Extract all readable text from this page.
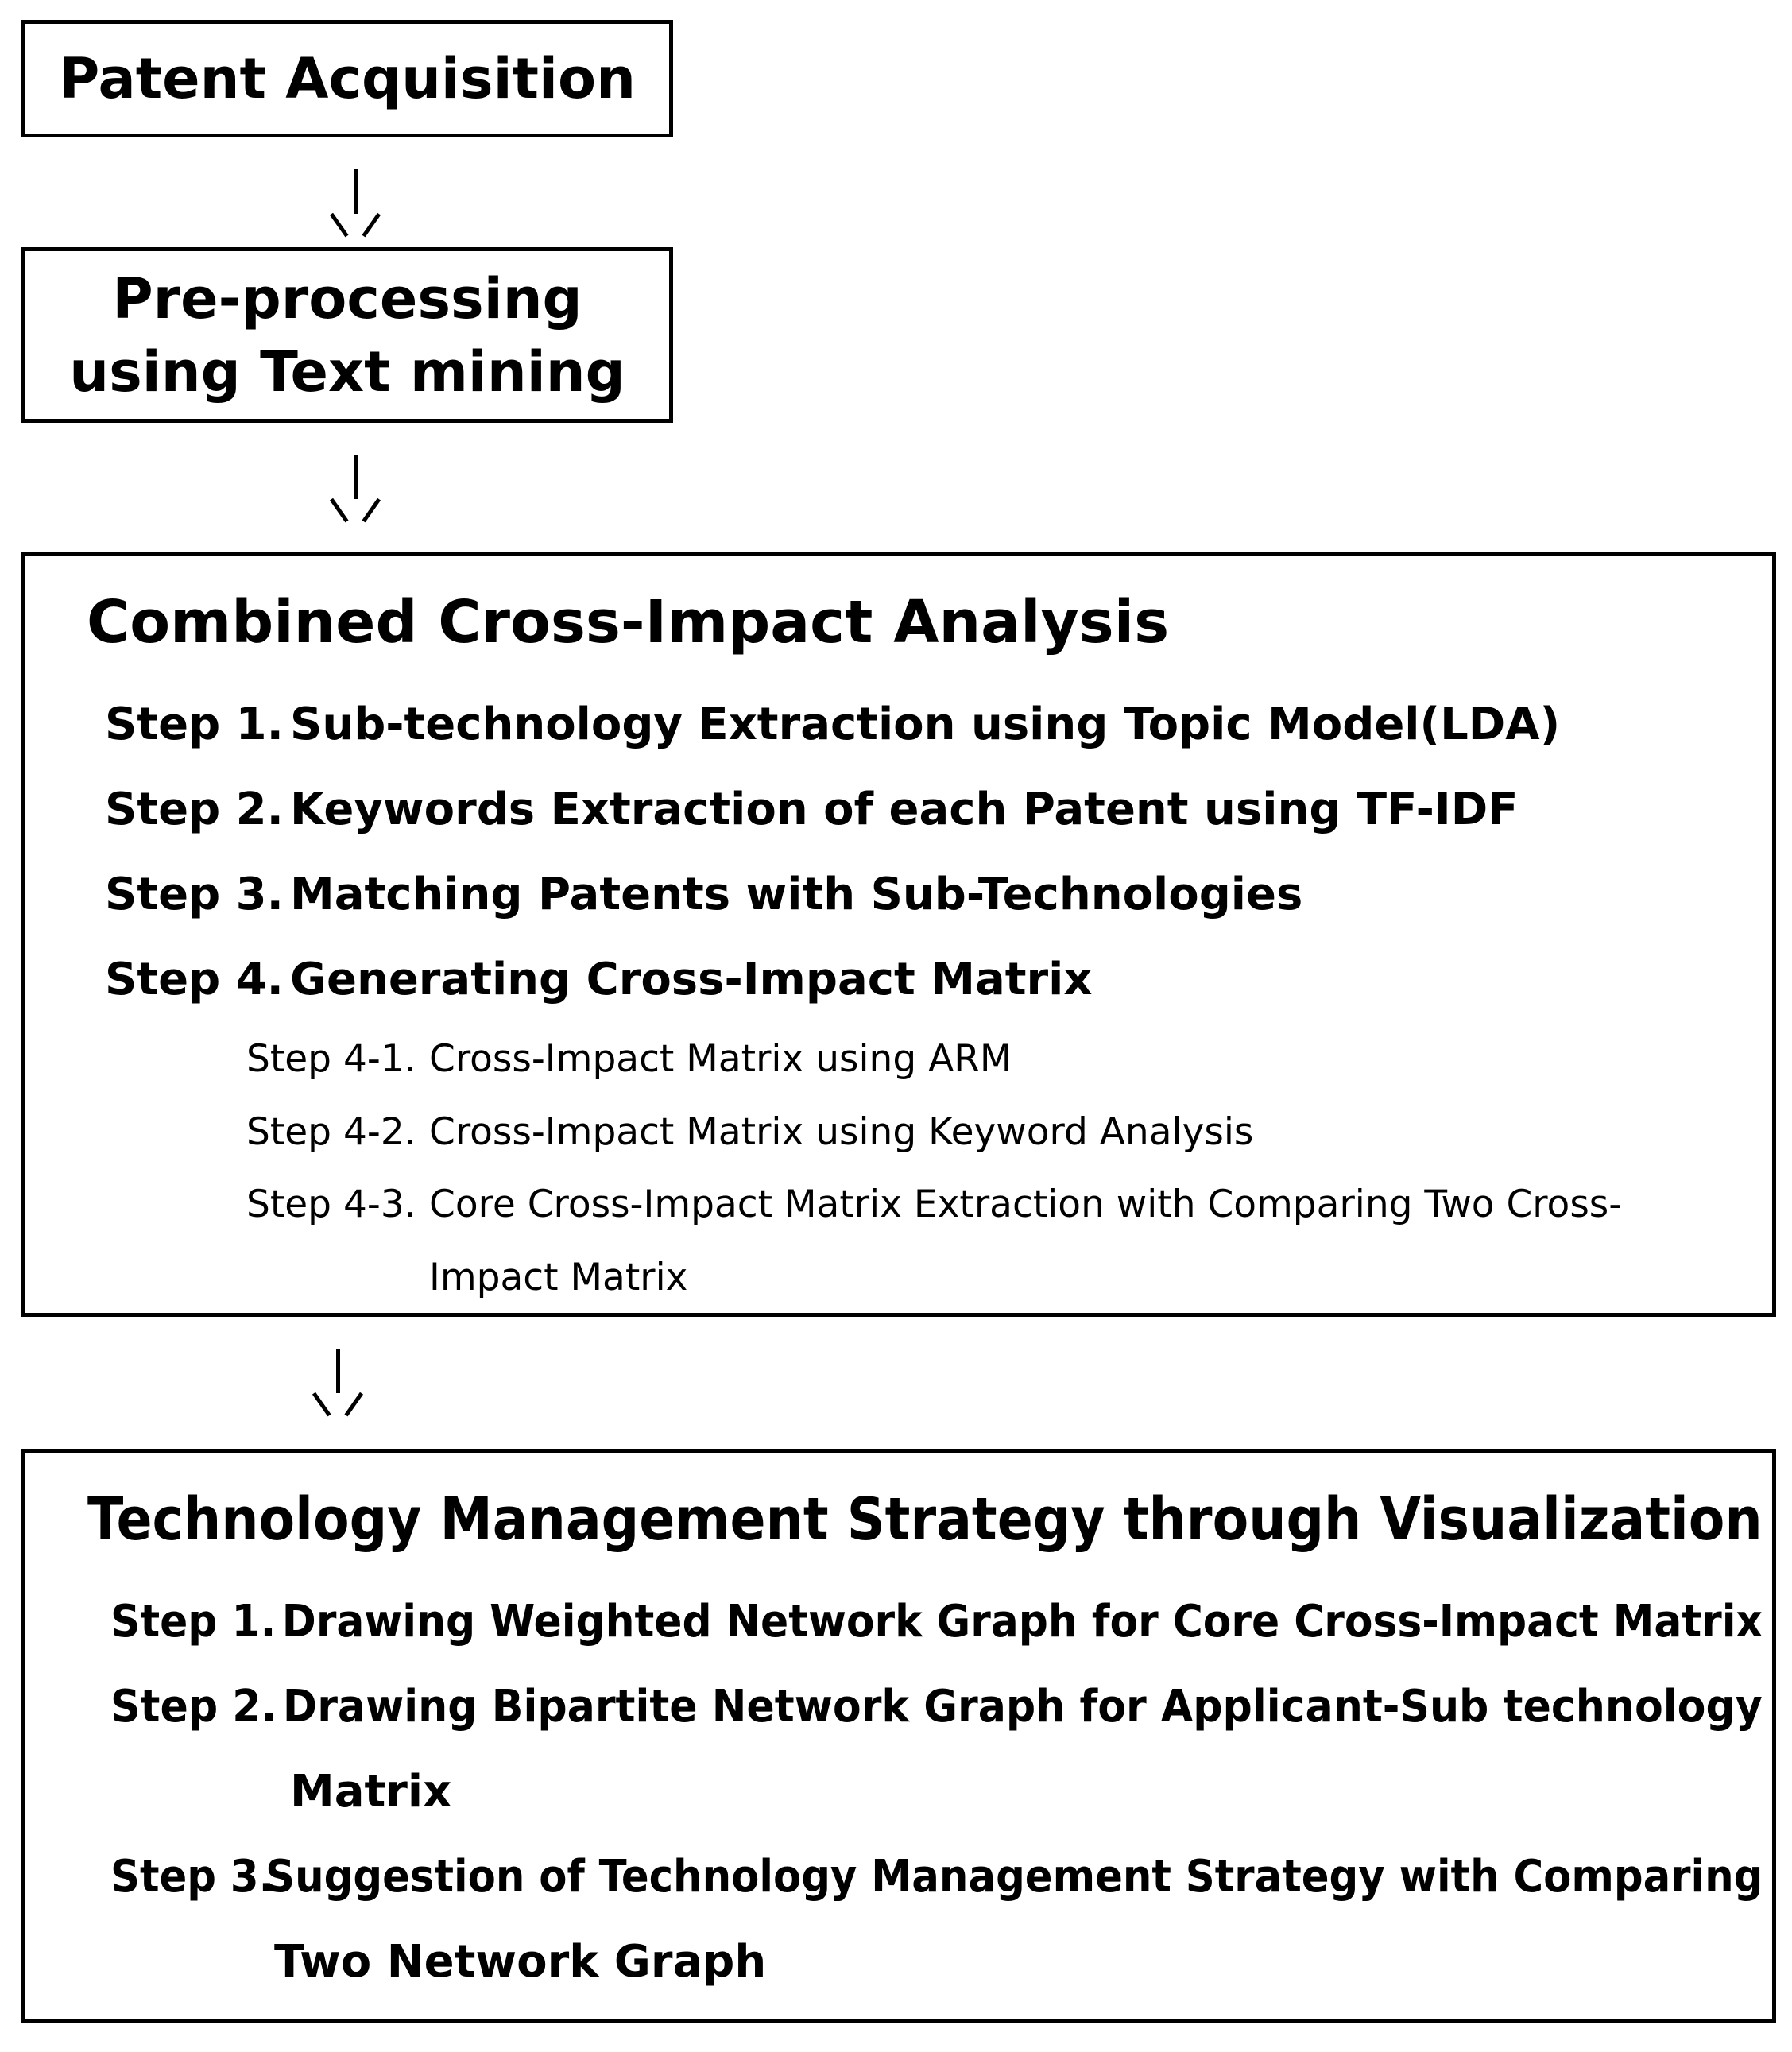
Patent Acquisition
Pre-processing
using Text mining
Combined Cross-Impact Analysis
Step 1. Sub-technology Extraction using Topic Model(LDA)
Step 2. Keywords Extraction of each Patent using TF-IDF
Step 3. Matching Patents with Sub-Technologies
Step 4. Generating Cross-Impact Matrix
Step 4-1. Cross-Impact Matrix using ARM
Step 4-2. Cross-Impact Matrix using Keyword Analysis
Step 4-3. Core Cross-Impact Matrix Extraction with Comparing Two Cross-
Impact Matrix
Technology Management Strategy through Visualization
Step 1. Drawing Weighted Network Graph for Core Cross-Impact Matrix
Step 2. Drawing Bipartite Network Graph for Applicant-Sub technology
Matrix
Step 3.Suggestion of Technology Management Strategy with Comparing
Two Network Graph
